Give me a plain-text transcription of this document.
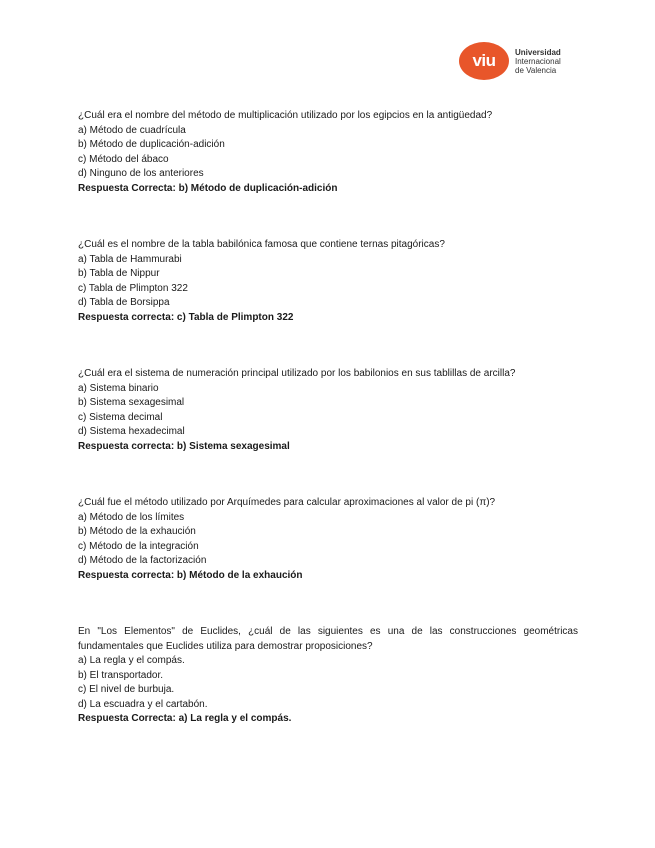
viu	Universidad
Internacional
de Valencia
¿Cuál era el nombre del método de multiplicación utilizado por los egipcios en la antigüedad?
a) Método de cuadrícula
b) Método de duplicación-adición
c) Método del ábaco
d) Ninguno de los anteriores
Respuesta Correcta: b) Método de duplicación-adición
¿Cuál es el nombre de la tabla babilónica famosa que contiene ternas pitagóricas?
a) Tabla de Hammurabi
b) Tabla de Nippur
c) Tabla de Plimpton 322
d) Tabla de Borsippa
Respuesta correcta: c) Tabla de Plimpton 322
¿Cuál era el sistema de numeración principal utilizado por los babilonios en sus tablillas de arcilla?
a) Sistema binario
b) Sistema sexagesimal
c) Sistema decimal
d) Sistema hexadecimal
Respuesta correcta: b) Sistema sexagesimal
¿Cuál fue el método utilizado por Arquímedes para calcular aproximaciones al valor de pi (π)?
a) Método de los límites
b) Método de la exhaución
c) Método de la integración
d) Método de la factorización
Respuesta correcta: b) Método de la exhaución
En "Los Elementos" de Euclides, ¿cuál de las siguientes es una de las construcciones geométricas fundamentales que Euclides utiliza para demostrar proposiciones?
a) La regla y el compás.
b) El transportador.
c) El nivel de burbuja.
d) La escuadra y el cartabón.
Respuesta Correcta: a) La regla y el compás.
